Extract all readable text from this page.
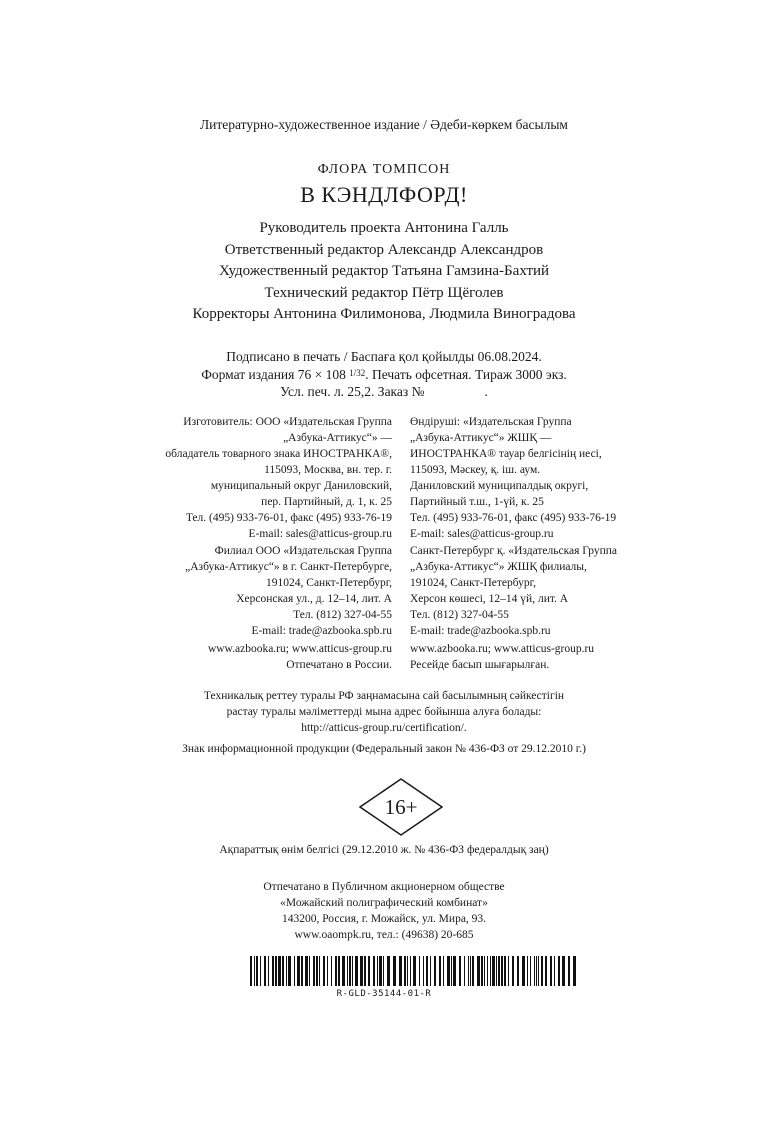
Литературно-художественное издание / Әдеби-көркем басылым
ФЛОРА ТОМПСОН
В КЭНДЛФОРД!
Руководитель проекта Антонина Галль
Ответственный редактор Александр Александров
Художественный редактор Татьяна Гамзина-Бахтий
Технический редактор Пётр Щёголев
Корректоры Антонина Филимонова, Людмила Виноградова
Подписано в печать / Баспаға қол қойылды 06.08.2024.
Формат издания 76 × 108 $^{1/32}$. Печать офсетная. Тираж 3000 экз.
Усл. печ. л. 25,2. Заказ №	.
Изготовитель: ООО «Издательская Группа
„Азбука-Аттикус“» —
обладатель товарного знака ИНОСТРАНКА®,
115093, Москва, вн. тер. г.
муниципальный округ Даниловский,
пер. Партийный, д. 1, к. 25
Тел. (495) 933-76-01, факс (495) 933-76-19
E-mail: sales@atticus-group.ru
Өндіруші: «Издательская Группа
„Азбука-Аттикус“» ЖШҚ —
ИНОСТРАНКА® тауар белгісінің иесі,
115093, Мәскеу, қ. іш. аум.
Даниловский муниципалдық округі,
Партийный т.ш., 1-үй, к. 25
Тел. (495) 933-76-01, факс (495) 933-76-19
E-mail: sales@atticus-group.ru
Филиал ООО «Издательская Группа
„Азбука-Аттикус“» в г. Санкт-Петербурге,
191024, Санкт-Петербург,
Херсонская ул., д. 12–14, лит. А
Тел. (812) 327-04-55
E-mail: trade@azbooka.spb.ru
Санкт-Петербург қ. «Издательская Группа
„Азбука-Аттикус“» ЖШҚ филиалы,
191024, Санкт-Петербург,
Херсон көшесі, 12–14 үй, лит. А
Тел. (812) 327-04-55
E-mail: trade@azbooka.spb.ru
www.azbooka.ru; www.atticus-group.ru
Отпечатано в России.
www.azbooka.ru; www.atticus-group.ru
Ресейде басып шығарылған.
Техникалық реттеу туралы РФ заңнамасына сай басылымның сәйкестігін
растау туралы мәліметтерді мына адрес бойынша алуға болады:
http://atticus-group.ru/certification/.
Знак информационной продукции (Федеральный закон № 436-ФЗ от 29.12.2010 г.)
16+
Ақпараттық өнім белгісі (29.12.2010 ж. № 436-ФЗ федералдық заң)
Отпечатано в Публичном акционерном обществе
«Можайский полиграфический комбинат»
143200, Россия, г. Можайск, ул. Мира, 93.
www.oaompk.ru, тел.: (49638) 20-685
R-GLD-35144-01-R
